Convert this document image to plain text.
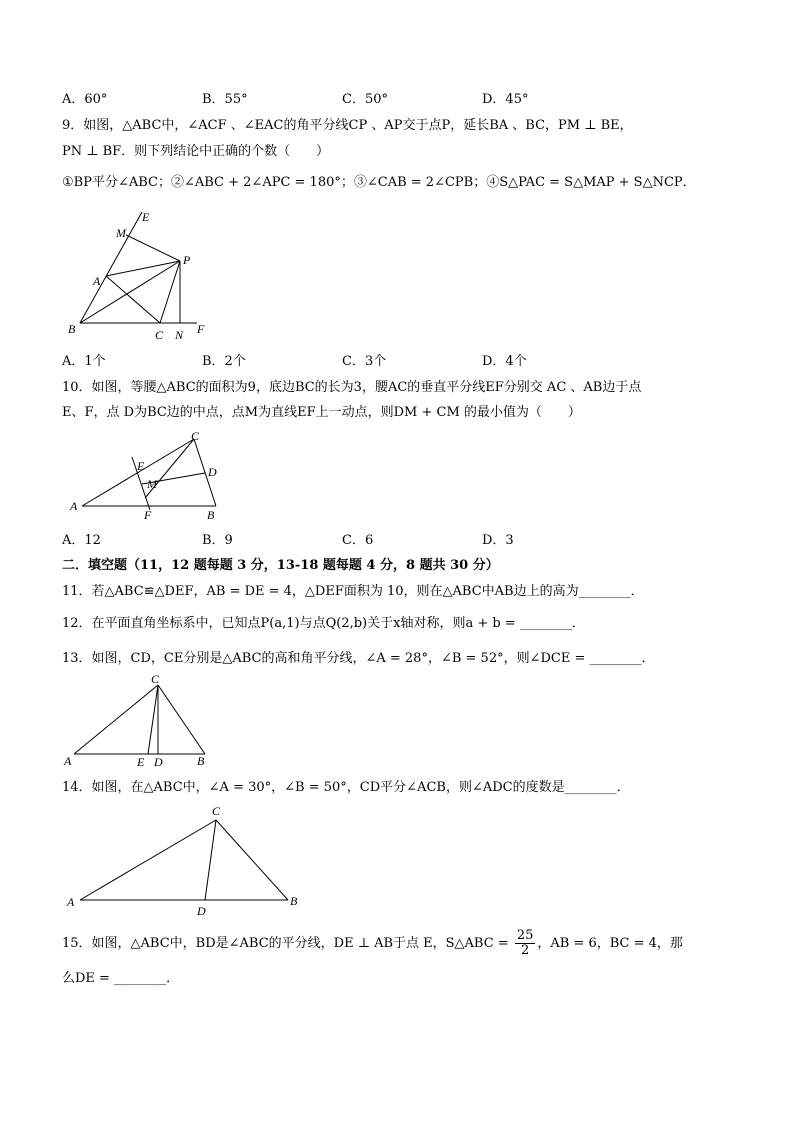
A．60°	B．55°	C．50°	D．45°
9．如图，△ABC中，∠ACF 、∠EAC的角平分线CP 、AP交于点P，延长BA 、BC，PM ⊥ BE，
PN ⊥ BF．则下列结论中正确的个数（　　）
①BP平分∠ABC；②∠ABC + 2∠APC = 180°；③∠CAB = 2∠CPB；④S△PAC = S△MAP + S△NCP．
E
M
P
A
B	C N F
A．1个	B．2个	C．3个	D．4个
10．如图，等腰△ABC的面积为9，底边BC的长为3，腰AC的垂直平分线EF分别交 AC 、AB边于点
E、F，点 D为BC边的中点，点M为直线EF上一动点，则DM + CM 的最小值为（　　）
C
E	D
M
A
F	B
A．12	B．9	C．6	D．3
二．填空题（11，12 题每题 3 分，13-18 题每题 4 分，8 题共 30 分）
11．若△ABC≌△DEF，AB = DE = 4，△DEF面积为 10，则在△ABC中AB边上的高为________．
12．在平面直角坐标系中，已知点P(a,1)与点Q(2,b)关于x轴对称，则a + b = ________．
13．如图，CD，CE分别是△ABC的高和角平分线，∠A = 28°，∠B = 52°，则∠DCE = ________．
C
A	E D	B
14．如图，在△ABC中，∠A = 30°，∠B = 50°，CD平分∠ACB，则∠ADC的度数是________．
C
A
D
B
15．如图，△ABC中，BD是∠ABC的平分线，DE ⊥ AB于点 E，S△ABC = $\frac{25}{2}$ ，AB = 6，BC = 4，那
么DE = ________．
